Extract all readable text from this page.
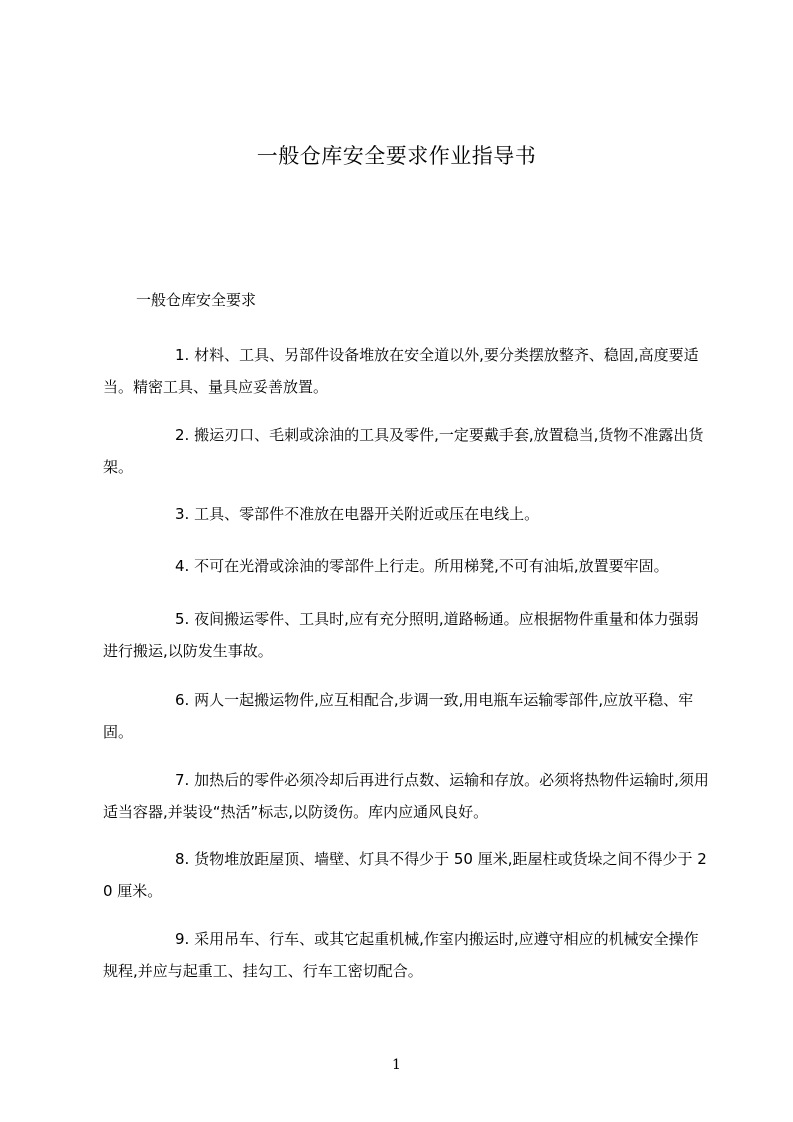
一般仓库安全要求作业指导书
一般仓库安全要求
1. 材料、工具、另部件设备堆放在安全道以外,要分类摆放整齐、稳固,高度要适当。精密工具、量具应妥善放置。
2. 搬运刃口、毛刺或涂油的工具及零件,一定要戴手套,放置稳当,货物不准露出货架。
3. 工具、零部件不准放在电器开关附近或压在电线上。
4. 不可在光滑或涂油的零部件上行走。所用梯凳,不可有油垢,放置要牢固。
5. 夜间搬运零件、工具时,应有充分照明,道路畅通。应根据物件重量和体力强弱进行搬运,以防发生事故。
6. 两人一起搬运物件,应互相配合,步调一致,用电瓶车运输零部件,应放平稳、牢固。
7. 加热后的零件必须冷却后再进行点数、运输和存放。必须将热物件运输时,须用适当容器,并装设“热活”标志,以防烫伤。库内应通风良好。
8. 货物堆放距屋顶、墙壁、灯具不得少于 50 厘米,距屋柱或货垛之间不得少于 20 厘米。
9. 采用吊车、行车、或其它起重机械,作室内搬运时,应遵守相应的机械安全操作规程,并应与起重工、挂勾工、行车工密切配合。
1
